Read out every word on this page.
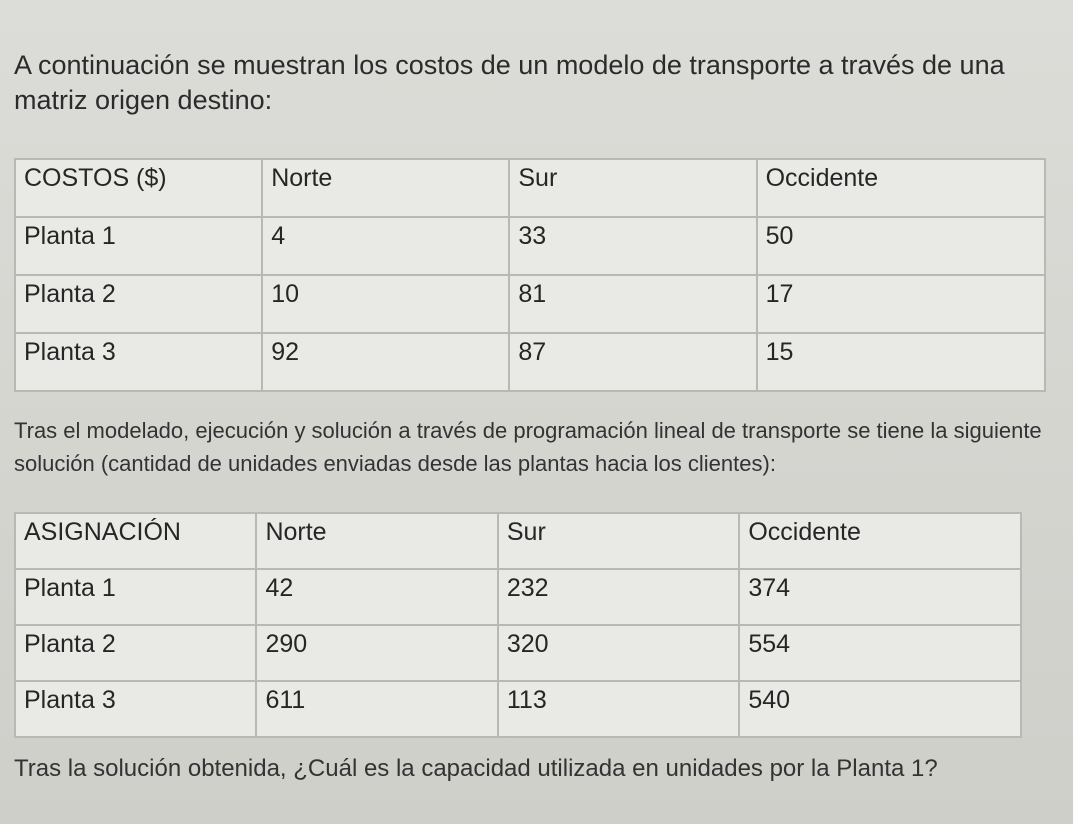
A continuación se muestran los costos de un modelo de transporte a través de una matriz origen destino:

COSTOS ($)	Norte	Sur	Occidente
Planta 1	4	33	50
Planta 2	10	81	17
Planta 3	92	87	15

Tras el modelado, ejecución y solución a través de programación lineal de transporte se tiene la siguiente solución (cantidad de unidades enviadas desde las plantas hacia los clientes):

ASIGNACIÓN	Norte	Sur	Occidente
Planta 1	42	232	374
Planta 2	290	320	554
Planta 3	611	113	540

Tras la solución obtenida, ¿Cuál es la capacidad utilizada en unidades por la Planta 1?
